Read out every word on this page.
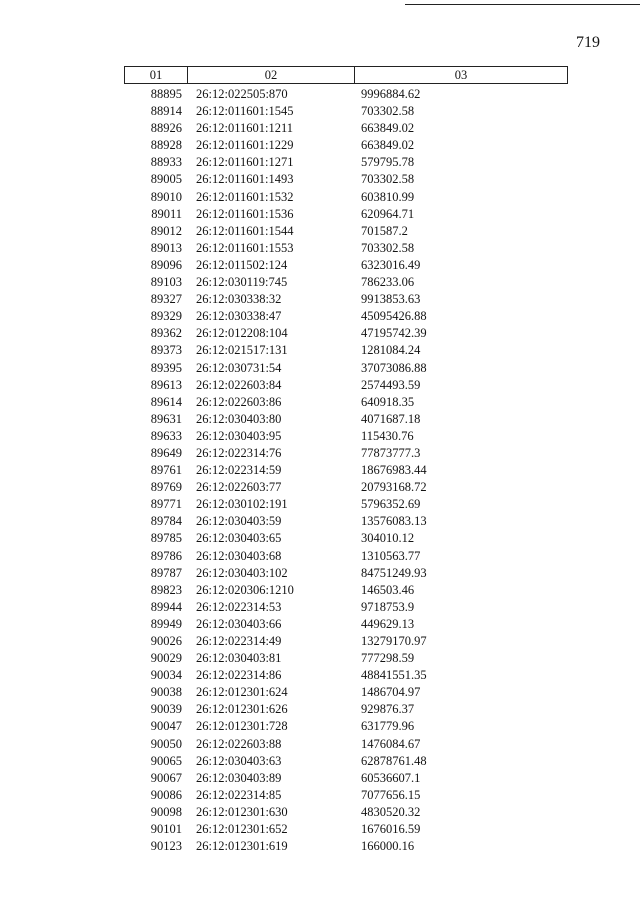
719
01	02	03
88895 26:12:022505:870	9996884.62
88914 26:12:011601:1545	703302.58
88926 26:12:011601:1211	663849.02
88928 26:12:011601:1229	663849.02
88933 26:12:011601:1271	579795.78
89005 26:12:011601:1493	703302.58
89010 26:12:011601:1532	603810.99
89011 26:12:011601:1536	620964.71
89012 26:12:011601:1544	701587.2
89013 26:12:011601:1553	703302.58
89096 26:12:011502:124	6323016.49
89103 26:12:030119:745	786233.06
89327 26:12:030338:32	9913853.63
89329 26:12:030338:47	45095426.88
89362 26:12:012208:104	47195742.39
89373 26:12:021517:131	1281084.24
89395 26:12:030731:54	37073086.88
89613 26:12:022603:84	2574493.59
89614 26:12:022603:86	640918.35
89631 26:12:030403:80	4071687.18
89633 26:12:030403:95	115430.76
89649 26:12:022314:76	77873777.3
89761 26:12:022314:59	18676983.44
89769 26:12:022603:77	20793168.72
89771 26:12:030102:191	5796352.69
89784 26:12:030403:59	13576083.13
89785 26:12:030403:65	304010.12
89786 26:12:030403:68	1310563.77
89787 26:12:030403:102	84751249.93
89823 26:12:020306:1210	146503.46
89944 26:12:022314:53	9718753.9
89949 26:12:030403:66	449629.13
90026 26:12:022314:49	13279170.97
90029 26:12:030403:81	777298.59
90034 26:12:022314:86	48841551.35
90038 26:12:012301:624	1486704.97
90039 26:12:012301:626	929876.37
90047 26:12:012301:728	631779.96
90050 26:12:022603:88	1476084.67
90065 26:12:030403:63	62878761.48
90067 26:12:030403:89	60536607.1
90086 26:12:022314:85	7077656.15
90098 26:12:012301:630	4830520.32
90101 26:12:012301:652	1676016.59
90123 26:12:012301:619	166000.16
